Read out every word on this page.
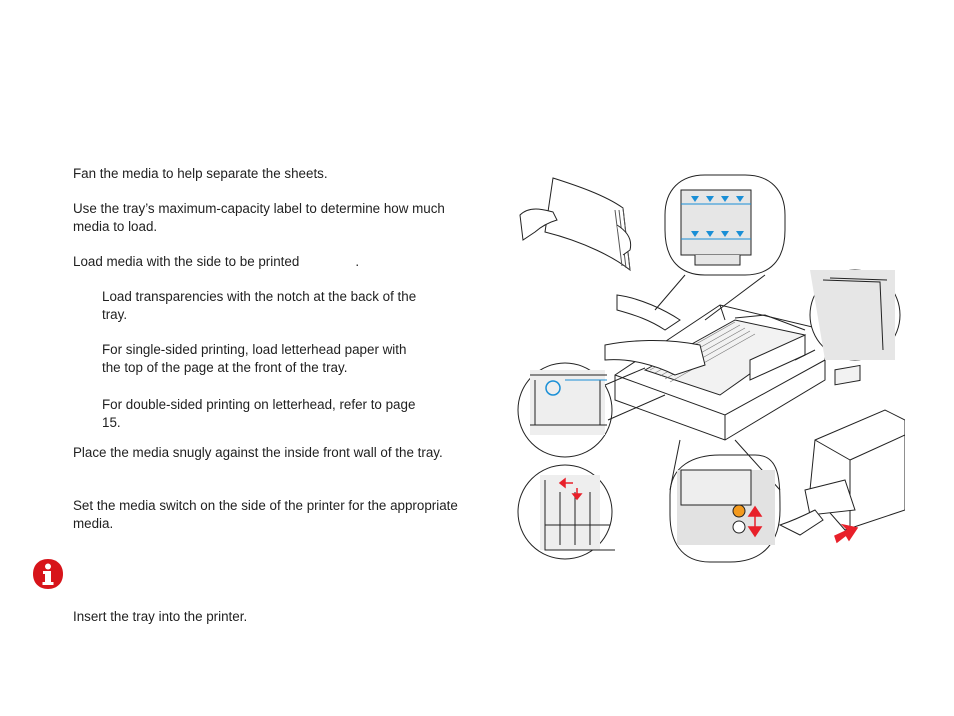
Fan the media to help separate the sheets.
Use the tray’s maximum-capacity label to determine how much media to load.
Load media with the side to be printed	.
Load transparencies with the notch at the back of the tray.
For single-sided printing, load letterhead paper with the top of the page at the front of the tray.
For double-sided printing on letterhead, refer to page 15.
Place the media snugly against the inside front wall of the tray.
Set the media switch on the side of the printer for the appropriate media.
Insert the tray into the printer.
